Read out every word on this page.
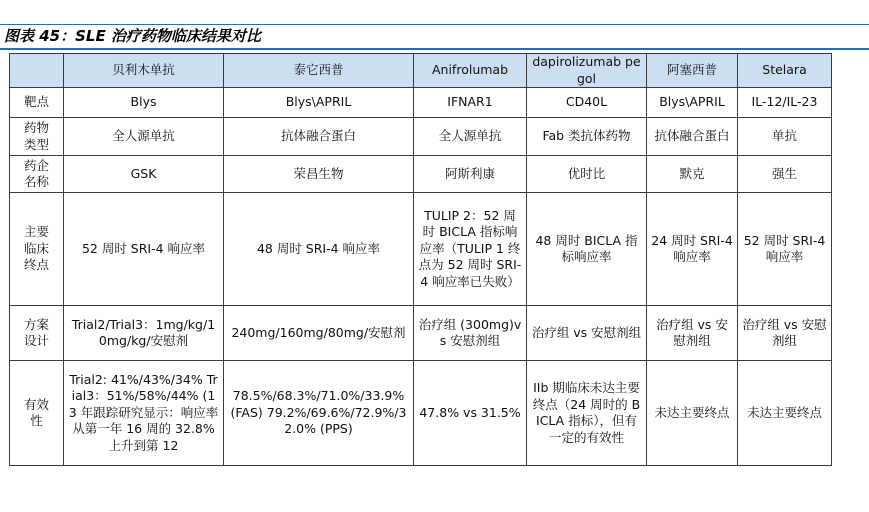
图表 45：SLE 治疗药物临床结果对比
	贝利木单抗	泰它西普	Anifrolumab	dapirolizumab pegol	阿塞西普	Stelara
靶点	Blys	Blys\APRIL	IFNAR1	CD40L	Blys\APRIL	IL-12/IL-23
药物类型	全人源单抗	抗体融合蛋白	全人源单抗	Fab 类抗体药物	抗体融合蛋白	单抗
药企名称	GSK	荣昌生物	阿斯利康	优时比	默克	强生
主要临床终点	52 周时 SRI-4 响应率	48 周时 SRI-4 响应率	TULIP 2：52 周时 BICLA 指标响应率（TULIP 1 终点为 52 周时 SRI-4 响应率已失败）	48 周时 BICLA 指标响应率	24 周时 SRI-4 响应率	52 周时 SRI-4 响应率
方案设计	Trial2/Trial3：1mg/kg/10mg/kg/安慰剂	240mg/160mg/80mg/安慰剂	治疗组 (300mg)vs 安慰剂组	治疗组 vs 安慰剂组	治疗组 vs 安慰剂组	治疗组 vs 安慰剂组
有效性	Trial2: 41%/43%/34% Trial3：51%/58%/44% (13 年跟踪研究显示：响应率从第一年 16 周的 32.8%上升到第 12	78.5%/68.3%/71.0%/33.9% (FAS) 79.2%/69.6%/72.9%/32.0% (PPS)	47.8% vs 31.5%	IIb 期临床未达主要终点（24 周时的 BICLA 指标），但有一定的有效性	未达主要终点	未达主要终点
